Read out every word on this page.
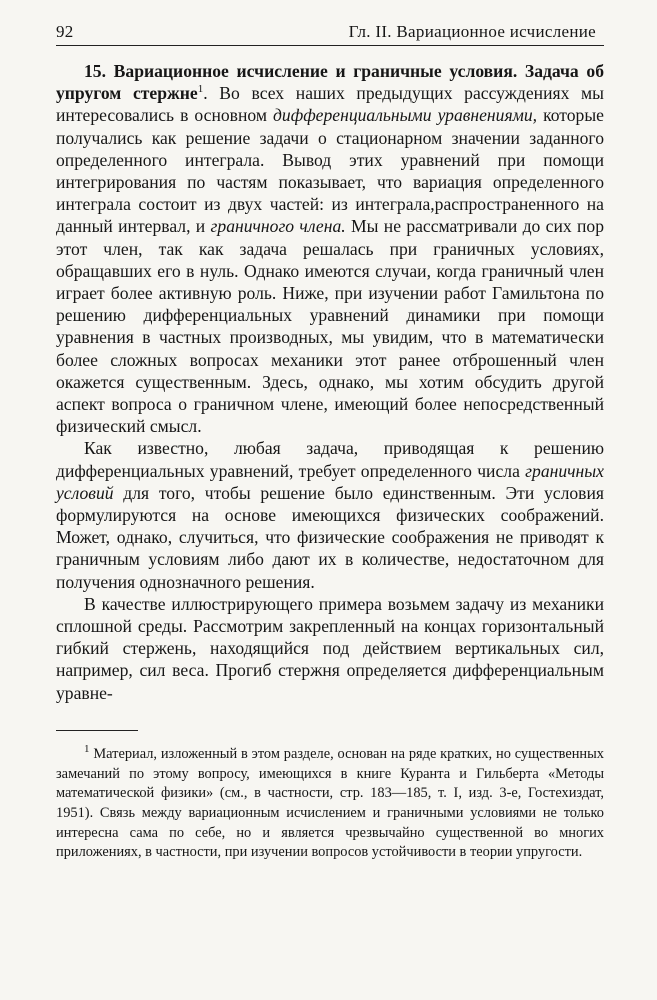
92	Гл. II. Вариационное исчисление

15. Вариационное исчисление и граничные условия. Задача об упругом стержне$^1$. Во всех наших предыдущих рассуждениях мы интересовались в основном дифференциальными уравнениями, которые получались как решение задачи о стационарном значении заданного определенного интеграла. Вывод этих уравнений при помощи интегрирования по частям показывает, что вариация определенного интеграла состоит из двух частей: из интеграла,распространенного на данный интервал, и граничного члена. Мы не рассматривали до сих пор этот член, так как задача решалась при граничных условиях, обращавших его в нуль. Однако имеются случаи, когда граничный член играет более активную роль. Ниже, при изучении работ Гамильтона по решению дифференциальных уравнений динамики при помощи уравнения в частных производных, мы увидим, что в математически более сложных вопросах механики этот ранее отброшенный член окажется существенным. Здесь, однако, мы хотим обсудить другой аспект вопроса о граничном члене, имеющий более непосредственный физический смысл.

Как известно, любая задача, приводящая к решению дифференциальных уравнений, требует определенного числа граничных условий для того, чтобы решение было единственным. Эти условия формулируются на основе имеющихся физических соображений. Может, однако, случиться, что физические соображения не приводят к граничным условиям либо дают их в количестве, недостаточном для получения однозначного решения.

В качестве иллюстрирующего примера возьмем задачу из механики сплошной среды. Рассмотрим закрепленный на концах горизонтальный гибкий стержень, находящийся под действием вертикальных сил, например, сил веса. Прогиб стержня определяется дифференциальным уравне-

$^1$ Материал, изложенный в этом разделе, основан на ряде кратких, но существенных замечаний по этому вопросу, имеющихся в книге Куранта и Гильберта «Методы математической физики» (см., в частности, стр. 183—185, т. I, изд. 3-е, Гостехиздат, 1951). Связь между вариационным исчислением и граничными условиями не только интересна сама по себе, но и является чрезвычайно существенной во многих приложениях, в частности, при изучении вопросов устойчивости в теории упругости.
